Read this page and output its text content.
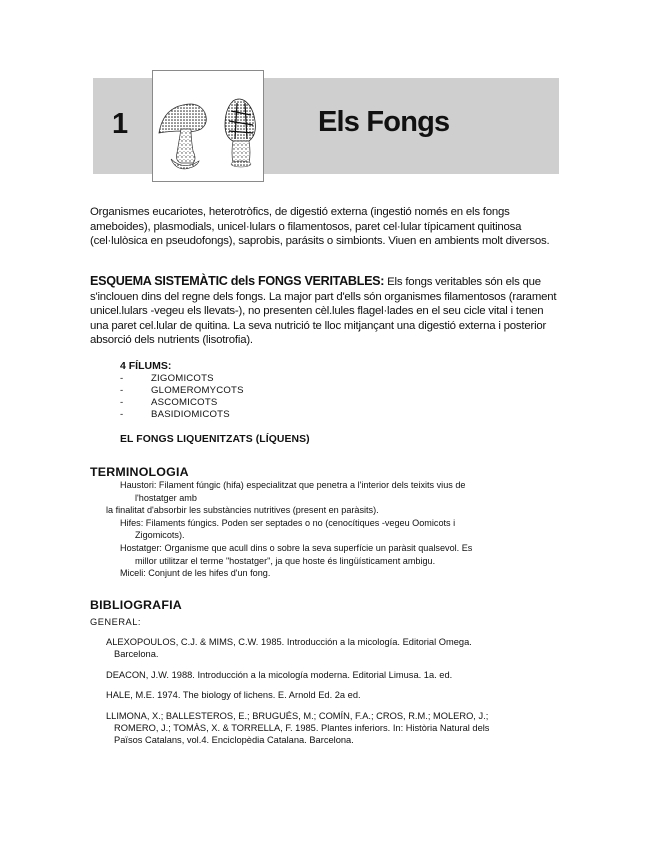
1	Els Fongs

Organismes eucariotes, heterotròfics, de digestió externa (ingestió només en els fongs ameboides), plasmodials, unicel·lulars o filamentosos, paret cel·lular típicament quitinosa (cel·lulòsica en pseudofongs), saprobis, parásits o simbionts. Viuen en ambients molt diversos.

ESQUEMA SISTEMÀTIC dels FONGS VERITABLES: Els fongs veritables són els que s'inclouen dins del regne dels fongs. La major part d'ells són organismes filamentosos (rarament unicel.lulars -vegeu els llevats-), no presenten cèl.lules flagel·lades en el seu cicle vital i tenen una paret cel.lular de quitina. La seva nutrició te lloc mitjançant una digestió externa i posterior absorció dels nutrients (lisotrofia).

4 FÍLUMS:
-	ZIGOMICOTS
-	GLOMEROMYCOTS
-	ASCOMICOTS
-	BASIDIOMICOTS
EL FONGS LIQUENITZATS (LÍQUENS)
TERMINOLOGIA
Haustori: Filament fúngic (hifa) especialitzat que penetra a l'interior dels teixits vius de
l'hostatger amb
la finalitat d'absorbir les substàncies nutritives (present en paràsits).
Hifes: Filaments fúngics. Poden ser septades o no (cenocítiques -vegeu Oomicots i
Zigomicots).
Hostatger: Organisme que acull dins o sobre la seva superfície un paràsit qualsevol. Es
millor utilitzar el terme "hostatger", ja que hoste és lingüísticament ambigu.
Miceli: Conjunt de les hifes d'un fong.
BIBLIOGRAFIA
GENERAL:
ALEXOPOULOS, C.J. & MIMS, C.W. 1985. Introducción a la micología. Editorial Omega.
Barcelona.
DEACON, J.W. 1988. Introducción a la micología moderna. Editorial Limusa. 1a. ed.
HALE, M.E. 1974. The biology of lichens. E. Arnold Ed. 2a ed.
LLIMONA, X.; BALLESTEROS, E.; BRUGUÉS, M.; COMÍN, F.A.; CROS, R.M.; MOLERO, J.;
ROMERO, J.; TOMÀS, X. & TORRELLA, F. 1985. Plantes inferiors. In: Història Natural dels
Països Catalans, vol.4. Enciclopèdia Catalana. Barcelona.
